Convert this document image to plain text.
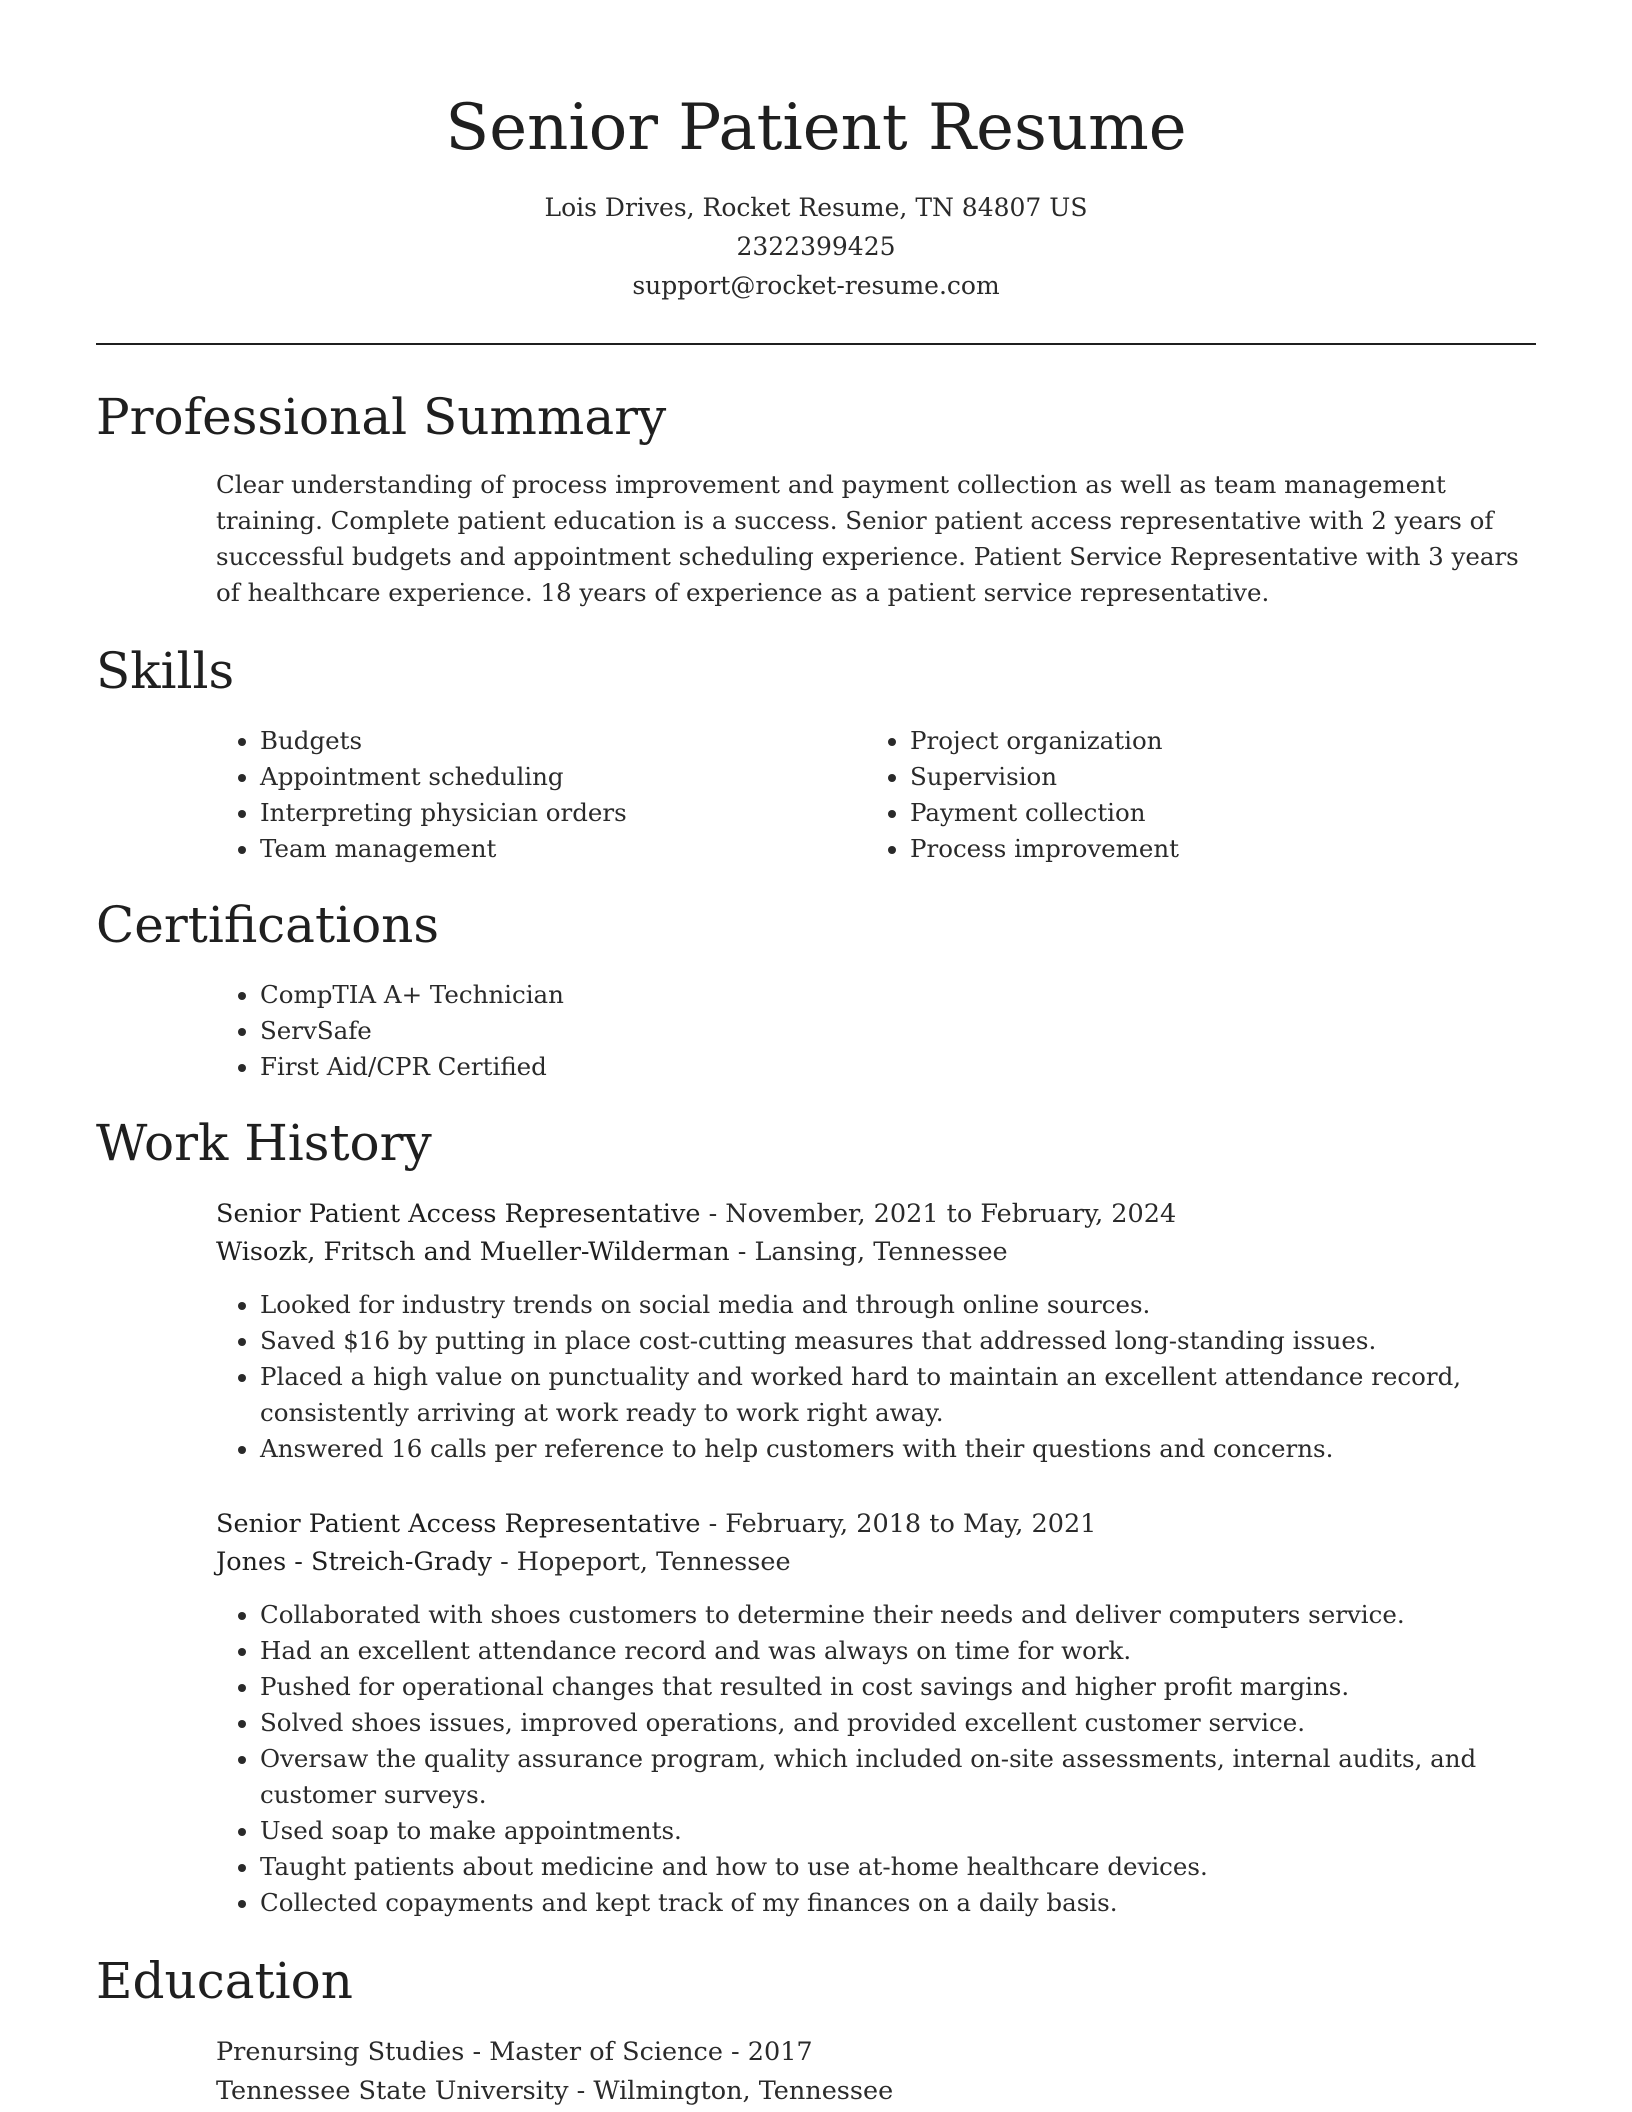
Senior Patient Resume
Lois Drives, Rocket Resume, TN 84807 US
2322399425
support@rocket-resume.com
Professional Summary

Clear understanding of process improvement and payment collection as well as team management training. Complete patient education is a success. Senior patient access representative with 2 years of successful budgets and appointment scheduling experience. Patient Service Representative with 3 years of healthcare experience. 18 years of experience as a patient service representative.

Skills
• Budgets
• Appointment scheduling
• Interpreting physician orders
• Team management
• Project organization
• Supervision
• Payment collection
• Process improvement
Certifications
• CompTIA A+ Technician
• ServSafe
• First Aid/CPR Certified
Work History
Senior Patient Access Representative - November, 2021 to February, 2024
Wisozk, Fritsch and Mueller-Wilderman - Lansing, Tennessee
• Looked for industry trends on social media and through online sources.
• Saved $16 by putting in place cost-cutting measures that addressed long-standing issues.
• Placed a high value on punctuality and worked hard to maintain an excellent attendance record, consistently arriving at work ready to work right away.
• Answered 16 calls per reference to help customers with their questions and concerns.
Senior Patient Access Representative - February, 2018 to May, 2021
Jones - Streich-Grady - Hopeport, Tennessee
• Collaborated with shoes customers to determine their needs and deliver computers service.
• Had an excellent attendance record and was always on time for work.
• Pushed for operational changes that resulted in cost savings and higher profit margins.
• Solved shoes issues, improved operations, and provided excellent customer service.
• Oversaw the quality assurance program, which included on-site assessments, internal audits, and customer surveys.
• Used soap to make appointments.
• Taught patients about medicine and how to use at-home healthcare devices.
• Collected copayments and kept track of my finances on a daily basis.
Education
Prenursing Studies - Master of Science - 2017
Tennessee State University - Wilmington, Tennessee
